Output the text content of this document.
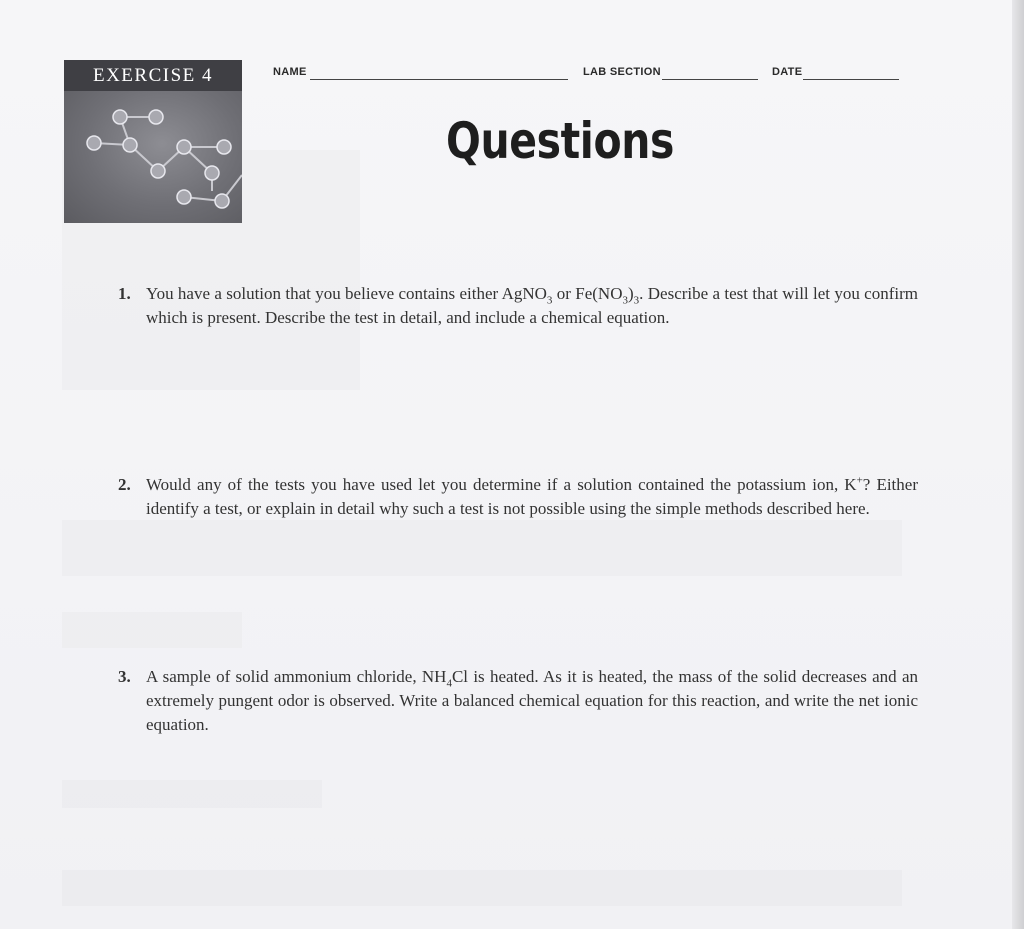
EXERCISE 4	NAME	LAB SECTION	DATE
Questions
1. You have a solution that you believe contains either AgNO$_3$ or $Fe(NO_3)_3$. Describe a test that will let you confirm which is present. Describe the test in detail, and include a chemical equation.
2. Would any of the tests you have used let you determine if a solution contained the potassium ion, K+? Either identify a test, or explain in detail why such a test is not possible using the simple methods described here.
3. A sample of solid ammonium chloride, $NH_4Cl$ is heated. As it is heated, the mass of the solid decreases and an extremely pungent odor is observed. Write a balanced chemical equation for this reaction, and write the net ionic equation.
